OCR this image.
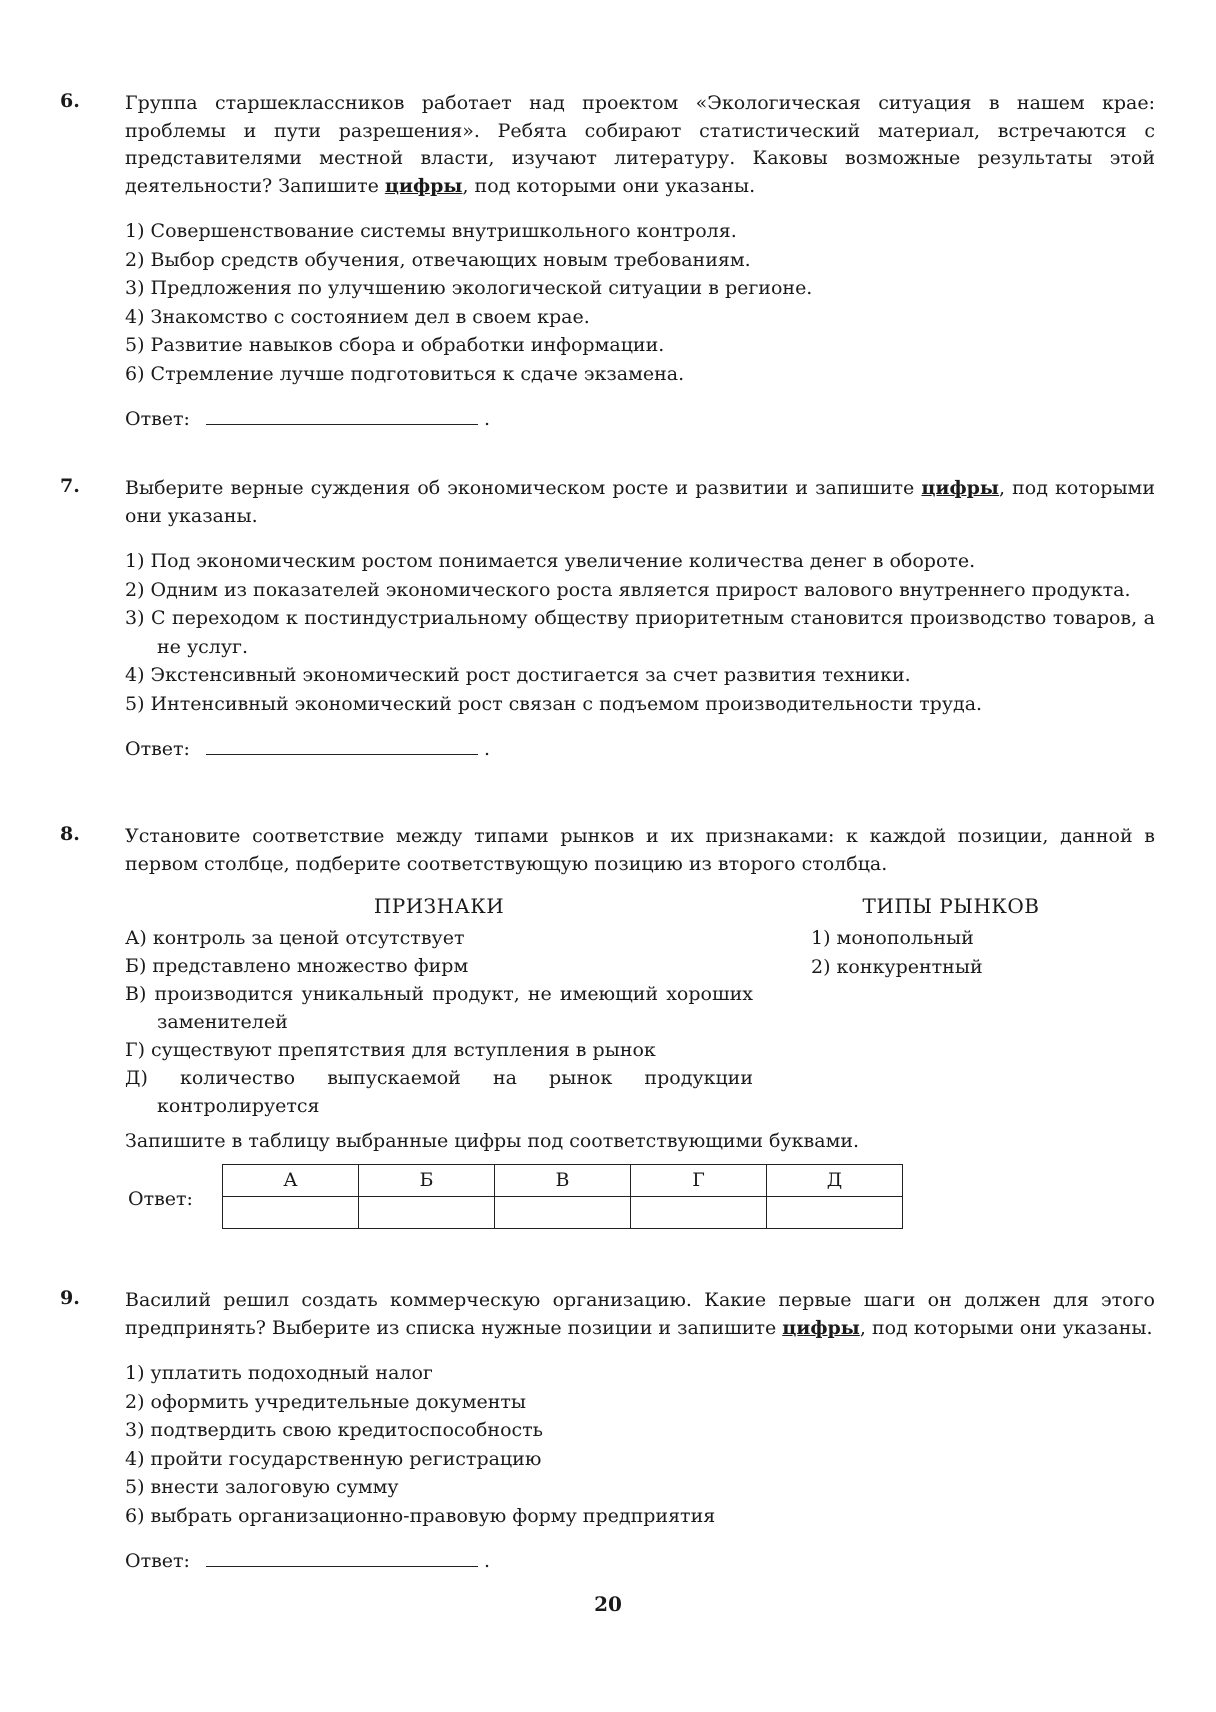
6. Группа старшеклассников работает над проектом «Экологическая ситуация в нашем крае: проблемы и пути разрешения». Ребята собирают статистический материал, встречаются с представителями местной власти, изучают литературу. Каковы возможные результаты этой деятельности? Запишите цифры, под которыми они указаны.

1) Совершенствование системы внутришкольного контроля.
2) Выбор средств обучения, отвечающих новым требованиям.
3) Предложения по улучшению экологической ситуации в регионе.
4) Знакомство с состоянием дел в своем крае.
5) Развитие навыков сбора и обработки информации.
6) Стремление лучше подготовиться к сдаче экзамена.
Ответ:	.
7. Выберите верные суждения об экономическом росте и развитии и запишите цифры, под которыми они указаны.

1) Под экономическим ростом понимается увеличение количества денег в обороте.
2) Одним из показателей экономического роста является прирост валового внутреннего продукта.
3) С переходом к постиндустриальному обществу приоритетным становится производство товаров, а не услуг.
4) Экстенсивный экономический рост достигается за счет развития техники.
5) Интенсивный экономический рост связан с подъемом производительности труда.
Ответ:	.
8. Установите соответствие между типами рынков и их признаками: к каждой позиции, данной в первом столбце, подберите соответствующую позицию из второго столбца.

ПРИЗНАКИ
А) контроль за ценой отсутствует
Б) представлено множество фирм
В) производится уникальный продукт, не имеющий хороших заменителей
Г) существуют препятствия для вступления в рынок
Д) количество выпускаемой на рынок продукции контролируется
ТИПЫ РЫНКОВ
1) монопольный
2) конкурентный

Запишите в таблицу выбранные цифры под соответствующими буквами.

Ответ:
А	Б	В	Г	Д

9. Василий решил создать коммерческую организацию. Какие первые шаги он должен для этого предпринять? Выберите из списка нужные позиции и запишите цифры, под которыми они указаны.

1) уплатить подоходный налог
2) оформить учредительные документы
3) подтвердить свою кредитоспособность
4) пройти государственную регистрацию
5) внести залоговую сумму
6) выбрать организационно-правовую форму предприятия
Ответ:	.
20
